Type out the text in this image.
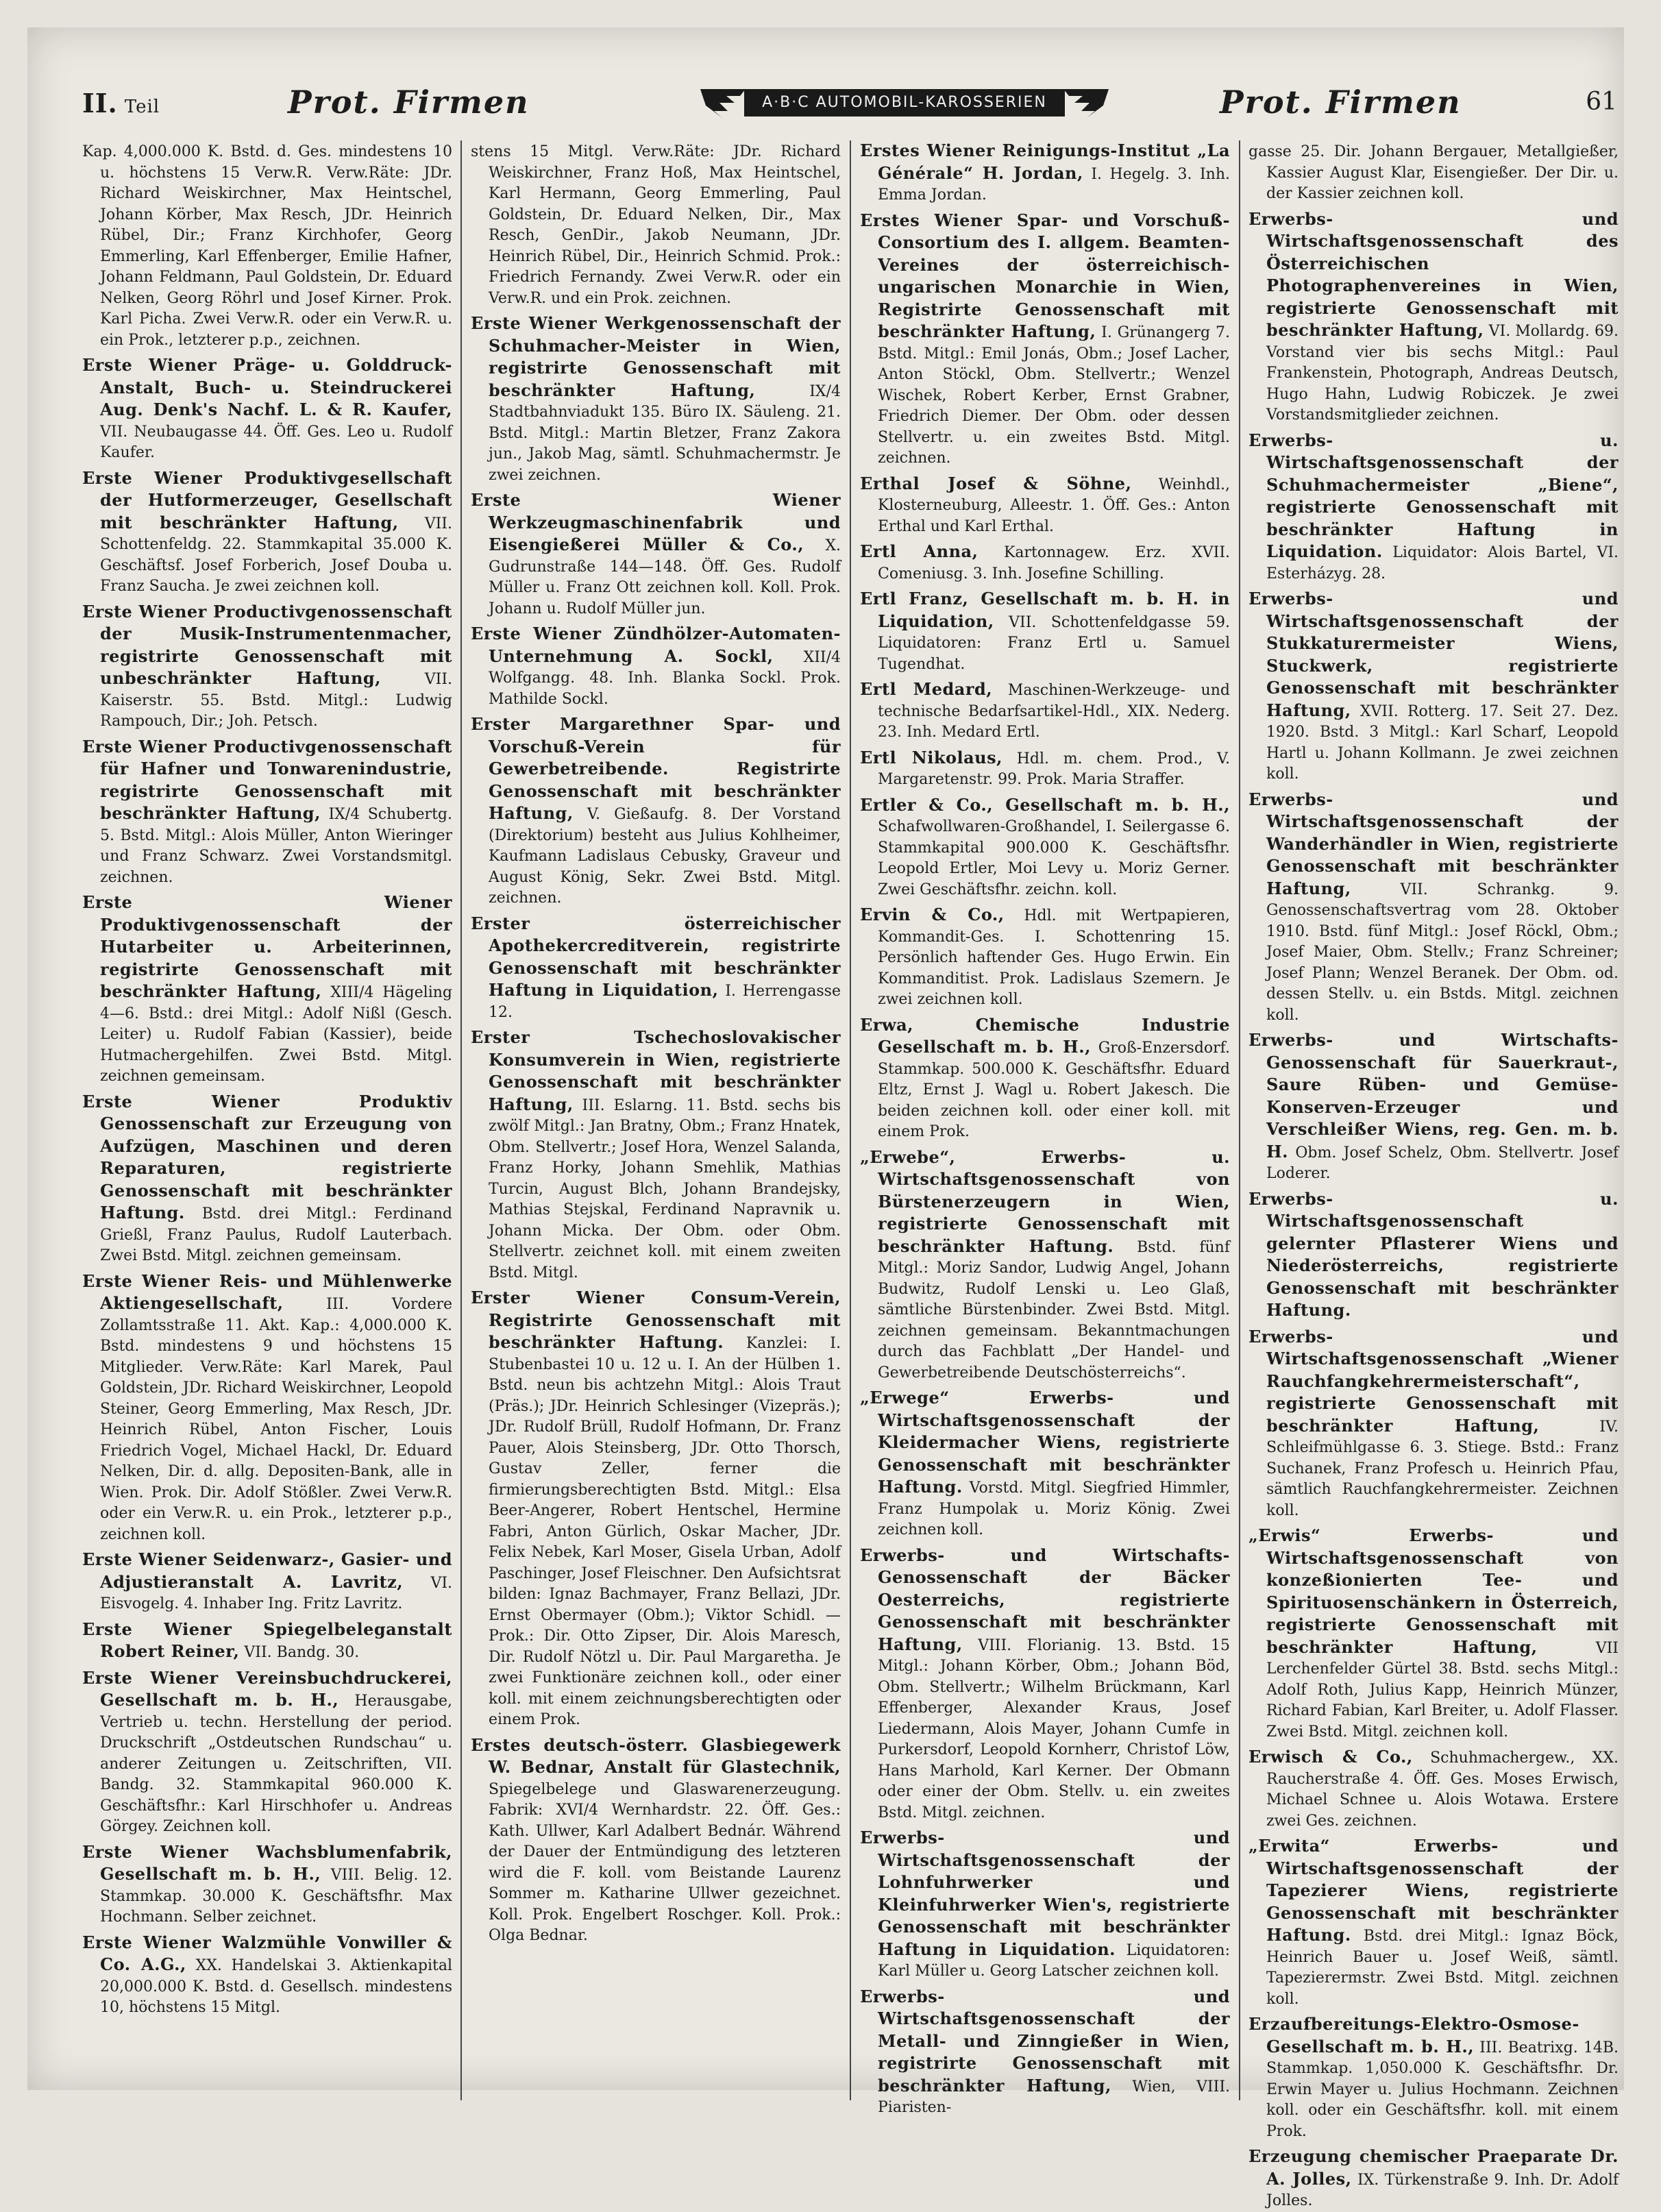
II. Teil	Prot. Firmen	A·B·C AUTOMOBIL-KAROSSERIEN	Prot. Firmen	61

Kap. 4,000.000 K. Bstd. d. Ges. mindestens 10 u. höchstens 15 Verw.R. Verw.Räte: JDr. Richard Weiskirchner, Max Heintschel, Johann Körber, Max Resch, JDr. Heinrich Rübel, Dir.; Franz Kirchhofer, Georg Emmerling, Karl Effenberger, Emilie Hafner, Johann Feldmann, Paul Goldstein, Dr. Eduard Nelken, Georg Röhrl und Josef Kirner. Prok. Karl Picha. Zwei Verw.R. oder ein Verw.R. u. ein Prok., letzterer p.p., zeichnen.

Erste Wiener Präge- u. Golddruck-Anstalt, Buch- u. Steindruckerei Aug. Denk's Nachf. L. & R. Kaufer, VII. Neubaugasse 44. Öff. Ges. Leo u. Rudolf Kaufer.

Erste Wiener Produktivgesellschaft der Hutformerzeuger, Gesellschaft mit beschränkter Haftung, VII. Schottenfeldg. 22. Stammkapital 35.000 K. Geschäftsf. Josef Forberich, Josef Douba u. Franz Saucha. Je zwei zeichnen koll.

Erste Wiener Productivgenossenschaft der Musik-Instrumentenmacher, registrirte Genossenschaft mit unbeschränkter Haftung,	VII. Kaiserstr. 55. Bstd. Mitgl.: Ludwig Rampouch, Dir.; Joh. Petsch.

Erste Wiener Productivgenossenschaft für Hafner und Tonwarenindustrie, registrirte Genossenschaft mit beschränkter Haftung, IX/4 Schubertg. 5. Bstd. Mitgl.: Alois Müller, Anton Wieringer und Franz Schwarz. Zwei Vorstandsmitgl. zeichnen.

Erste Wiener Produktivgenossenschaft der Hutarbeiter u. Arbeiterinnen, registrirte Genossenschaft mit beschränkter Haftung, XIII/4 Hägeling 4—6. Bstd.: drei Mitgl.: Adolf Nißl (Gesch. Leiter) u. Rudolf Fabian (Kassier), beide Hutmachergehilfen. Zwei Bstd. Mitgl. zeichnen gemeinsam.

Erste Wiener Produktiv Genossenschaft zur Erzeugung von Aufzügen, Maschinen und deren Reparaturen, registrierte Genossenschaft mit beschränkter Haftung. Bstd. drei Mitgl.: Ferdinand Grießl, Franz Paulus, Rudolf Lauterbach. Zwei Bstd. Mitgl. zeichnen gemeinsam.

Erste Wiener Reis- und Mühlenwerke Aktiengesellschaft,	III. Vordere Zollamtsstraße 11. Akt. Kap.: 4,000.000 K. Bstd. mindestens 9 und höchstens 15 Mitglieder. Verw.Räte: Karl Marek, Paul Goldstein, JDr. Richard Weiskirchner, Leopold Steiner, Georg Emmerling, Max Resch, JDr. Heinrich Rübel, Anton Fischer, Louis Friedrich Vogel, Michael Hackl, Dr. Eduard Nelken, Dir. d. allg. Depositen-Bank, alle in Wien. Prok. Dir. Adolf Stößler. Zwei Verw.R. oder ein Verw.R. u. ein Prok., letzterer p.p., zeichnen koll.

Erste Wiener Seidenwarz-, Gasier- und Adjustieranstalt A. Lavritz, VI. Eisvogelg. 4. Inhaber Ing. Fritz Lavritz.

Erste Wiener Spiegelbeleganstalt Robert Reiner, VII. Bandg. 30.

Erste Wiener Vereinsbuchdruckerei, Gesellschaft m. b. H., Herausgabe, Vertrieb u. techn. Herstellung der period. Druckschrift „Ostdeutschen Rundschau“ u. anderer Zeitungen u. Zeitschriften, VII. Bandg. 32. Stammkapital 960.000 K. Geschäftsfhr.: Karl Hirschhofer u. Andreas Görgey. Zeichnen koll.

Erste Wiener Wachsblumenfabrik, Gesellschaft m. b. H., VIII. Belig. 12. Stammkap. 30.000 K. Geschäftsfhr. Max Hochmann. Selber zeichnet.

Erste Wiener Walzmühle Vonwiller & Co. A.G., XX. Handelskai 3. Aktienkapital 20,000.000 K. Bstd. d. Gesellsch. mindestens 10, höchstens 15 Mitgl.

stens 15 Mitgl. Verw.Räte: JDr. Richard Weiskirchner, Franz Hoß, Max Heintschel, Karl Hermann, Georg Emmerling, Paul Goldstein, Dr. Eduard Nelken, Dir., Max Resch, GenDir., Jakob Neumann, JDr. Heinrich Rübel, Dir., Heinrich Schmid. Prok.: Friedrich Fernandy. Zwei Verw.R. oder ein Verw.R. und ein Prok. zeichnen.

Erste Wiener Werkgenossenschaft der Schuhmacher-Meister in Wien, registrirte Genossenschaft mit beschränkter Haftung,	IX/4 Stadtbahnviadukt 135. Büro IX. Säuleng. 21. Bstd. Mitgl.: Martin Bletzer, Franz Zakora jun., Jakob Mag, sämtl. Schuhmachermstr. Je zwei zeichnen.

Erste Wiener Werkzeugmaschinenfabrik und Eisengießerei Müller & Co., X. Gudrunstraße 144—148. Öff. Ges. Rudolf Müller u. Franz Ott zeichnen koll. Koll. Prok. Johann u. Rudolf Müller jun.

Erste Wiener Zündhölzer-Automaten-Unternehmung A. Sockl, XII/4 Wolfgangg. 48. Inh. Blanka Sockl. Prok. Mathilde Sockl.

Erster Margarethner Spar- und Vorschuß-Verein für Gewerbetreibende. Registrirte Genossenschaft mit beschränkter Haftung, V. Gießaufg. 8. Der Vorstand (Direktorium) besteht aus Julius Kohlheimer, Kaufmann Ladislaus Cebusky, Graveur und August König, Sekr. Zwei Bstd. Mitgl. zeichnen.

Erster österreichischer Apothekercreditverein, registrirte Genossenschaft mit beschränkter Haftung in Liquidation, I. Herrengasse 12.

Erster Tschechoslovakischer Konsumverein in Wien, registrierte Genossenschaft mit beschränkter Haftung, III. Eslarng. 11. Bstd. sechs bis zwölf Mitgl.: Jan Bratny, Obm.; Franz Hnatek, Obm. Stellvertr.; Josef Hora, Wenzel Salanda, Franz Horky, Johann Smehlik, Mathias Turcin, August Blch, Johann Brandejsky, Mathias Stejskal, Ferdinand Napravnik u. Johann Micka. Der Obm. oder Obm. Stellvertr. zeichnet koll. mit einem zweiten Bstd. Mitgl.

Erster Wiener Consum-Verein, Registrirte Genossenschaft mit beschränkter Haftung. Kanzlei: I. Stubenbastei 10 u. 12 u. I. An der Hülben 1. Bstd. neun bis achtzehn Mitgl.: Alois Traut (Präs.); JDr. Heinrich Schlesinger (Vizepräs.); JDr. Rudolf Brüll, Rudolf Hofmann, Dr. Franz Pauer, Alois Steinsberg, JDr. Otto Thorsch, Gustav Zeller, ferner die firmierungsberechtigten Bstd. Mitgl.: Elsa Beer-Angerer, Robert Hentschel, Hermine Fabri, Anton Gürlich, Oskar Macher, JDr. Felix Nebek, Karl Moser, Gisela Urban, Adolf Paschinger, Josef Fleischner. Den Aufsichtsrat bilden: Ignaz Bachmayer, Franz Bellazi, JDr. Ernst Obermayer (Obm.); Viktor Schidl. — Prok.: Dir. Otto Zipser, Dir. Alois Maresch, Dir. Rudolf Nötzl u. Dir. Paul Margaretha. Je zwei Funktionäre zeichnen koll., oder einer koll. mit einem zeichnungsberechtigten oder einem Prok.

Erstes deutsch-österr. Glasbiegewerk W. Bednar, Anstalt für Glastechnik, Spiegelbelege und Glaswarenerzeugung. Fabrik: XVI/4 Wernhardstr. 22. Öff. Ges.: Kath. Ullwer, Karl Adalbert Bednár. Während der Dauer der Entmündigung des letzteren wird die F. koll. vom Beistande Laurenz Sommer m. Katharine Ullwer gezeichnet. Koll. Prok. Engelbert Roschger. Koll. Prok.: Olga Bednar.

Erstes Wiener Reinigungs-Institut „La Générale“ H. Jordan, I. Hegelg. 3. Inh. Emma Jordan.

Erstes Wiener Spar- und Vorschuß-Consortium des I. allgem. Beamten-Vereines der österreichisch-ungarischen Monarchie in Wien, Registrirte Genossenschaft mit beschränkter Haftung, I. Grünangerg 7. Bstd. Mitgl.: Emil Jonás, Obm.; Josef Lacher, Anton Stöckl, Obm. Stellvertr.; Wenzel Wischek, Robert Kerber, Ernst Grabner, Friedrich Diemer. Der Obm. oder dessen Stellvertr. u. ein zweites Bstd. Mitgl. zeichnen.

Erthal Josef & Söhne, Weinhdl., Klosterneuburg, Alleestr. 1. Öff. Ges.: Anton Erthal und Karl Erthal.

Ertl Anna, Kartonnagew. Erz. XVII. Comeniusg. 3. Inh. Josefine Schilling.

Ertl Franz, Gesellschaft m. b. H. in Liquidation, VII. Schottenfeldgasse 59. Liquidatoren: Franz Ertl u. Samuel Tugendhat.

Ertl Medard, Maschinen-Werkzeuge- und technische Bedarfsartikel-Hdl., XIX. Nederg. 23. Inh. Medard Ertl.

Ertl Nikolaus, Hdl. m. chem. Prod., V. Margaretenstr. 99. Prok. Maria Straffer.

Ertler & Co., Gesellschaft m. b. H., Schafwollwaren-Großhandel, I. Seilergasse 6. Stammkapital 900.000 K. Geschäftsfhr. Leopold Ertler, Moi Levy u. Moriz Gerner. Zwei Geschäftsfhr. zeichn. koll.

Ervin & Co., Hdl. mit Wertpapieren, Kommandit-Ges. I. Schottenring 15. Persönlich haftender Ges. Hugo Erwin. Ein Kommanditist. Prok. Ladislaus Szemern. Je zwei zeichnen koll.

Erwa, Chemische Industrie Gesellschaft m. b. H., Groß-Enzersdorf. Stammkap. 500.000 K. Geschäftsfhr. Eduard Eltz, Ernst J. Wagl u. Robert Jakesch. Die beiden zeichnen koll. oder einer koll. mit einem Prok.

„Erwebe“, Erwerbs- u. Wirtschaftsgenossenschaft von Bürstenerzeugern in Wien, registrierte Genossenschaft mit beschränkter Haftung. Bstd. fünf Mitgl.: Moriz Sandor, Ludwig Angel, Johann Budwitz, Rudolf Lenski u. Leo Glaß, sämtliche Bürstenbinder. Zwei Bstd. Mitgl. zeichnen gemeinsam. Bekanntmachungen durch das Fachblatt „Der Handel- und Gewerbetreibende Deutschösterreichs“.

„Erwege“ Erwerbs- und Wirtschaftsgenossenschaft der Kleidermacher Wiens, registrierte Genossenschaft mit beschränkter Haftung. Vorstd. Mitgl. Siegfried Himmler, Franz Humpolak u. Moriz König. Zwei zeichnen koll.

Erwerbs- und Wirtschafts-Genossenschaft der Bäcker Oesterreichs, registrierte Genossenschaft mit beschränkter Haftung, VIII. Florianig. 13. Bstd. 15 Mitgl.: Johann Körber, Obm.; Johann Böd, Obm. Stellvertr.; Wilhelm Brückmann, Karl Effenberger, Alexander Kraus, Josef Liedermann, Alois Mayer, Johann Cumfe in Purkersdorf, Leopold Kornherr, Christof Löw, Hans Marhold, Karl Kerner. Der Obmann oder einer der Obm. Stellv. u. ein zweites Bstd. Mitgl. zeichnen.

Erwerbs- und Wirtschaftsgenossenschaft der Lohnfuhrwerker und Kleinfuhrwerker Wien's, registrierte Genossenschaft mit beschränkter Haftung in Liquidation. Liquidatoren: Karl Müller u. Georg Latscher zeichnen koll.

Erwerbs- und Wirtschaftsgenossenschaft der Metall- und Zinngießer in Wien, registrirte Genossenschaft mit beschränkter Haftung, Wien, VIII. Piaristen-

gasse 25. Dir. Johann Bergauer, Metallgießer, Kassier August Klar, Eisengießer. Der Dir. u. der Kassier zeichnen koll.

Erwerbs- und Wirtschaftsgenossenschaft des Österreichischen Photographenvereines in Wien, registrierte Genossenschaft mit beschränkter Haftung, VI. Mollardg. 69. Vorstand vier bis sechs Mitgl.: Paul Frankenstein, Photograph, Andreas Deutsch, Hugo Hahn, Ludwig Robiczek. Je zwei Vorstandsmitglieder zeichnen.

Erwerbs- u. Wirtschaftsgenossenschaft der Schuhmachermeister „Biene“, registrierte Genossenschaft mit beschränkter Haftung in Liquidation. Liquidator: Alois Bartel, VI. Esterházyg. 28.

Erwerbs- und Wirtschaftsgenossenschaft der Stukkaturermeister Wiens, Stuckwerk, registrierte Genossenschaft mit beschränkter Haftung, XVII. Rotterg. 17. Seit 27. Dez. 1920. Bstd. 3 Mitgl.: Karl Scharf, Leopold Hartl u. Johann Kollmann. Je zwei zeichnen koll.

Erwerbs- und Wirtschaftsgenossenschaft der Wanderhändler in Wien, registrierte Genossenschaft mit beschränkter Haftung,	VII. Schrankg. 9. Genossenschaftsvertrag vom 28. Oktober 1910. Bstd. fünf Mitgl.: Josef Röckl, Obm.; Josef Maier, Obm. Stellv.; Franz Schreiner; Josef Plann; Wenzel Beranek. Der Obm. od. dessen Stellv. u. ein Bstds. Mitgl. zeichnen koll.

Erwerbs- und Wirtschafts-Genossenschaft für Sauerkraut-, Saure Rüben- und Gemüse-Konserven-Erzeuger und Verschleißer Wiens, reg. Gen. m. b. H. Obm. Josef Schelz, Obm. Stellvertr. Josef Loderer.

Erwerbs- u. Wirtschaftsgenossenschaft gelernter Pflasterer Wiens und Niederösterreichs, registrierte Genossenschaft mit beschränkter Haftung.

Erwerbs- und Wirtschaftsgenossenschaft „Wiener Rauchfangkehrermeisterschaft“, registrierte Genossenschaft mit beschränkter Haftung,	IV. Schleifmühlgasse 6. 3. Stiege. Bstd.: Franz Suchanek, Franz Profesch u. Heinrich Pfau, sämtlich Rauchfangkehrermeister. Zeichnen koll.

„Erwis“ Erwerbs- und Wirtschaftsgenossenschaft von konzeßionierten Tee- und Spirituosenschänkern in Österreich, registrierte Genossenschaft mit beschränkter Haftung,	VII Lerchenfelder Gürtel 38. Bstd. sechs Mitgl.: Adolf Roth, Julius Kapp, Heinrich Münzer, Richard Fabian, Karl Breiter, u. Adolf Flasser. Zwei Bstd. Mitgl. zeichnen koll.

Erwisch & Co., Schuhmachergew., XX. Raucherstraße 4. Öff. Ges. Moses Erwisch, Michael Schnee u. Alois Wotawa. Erstere zwei Ges. zeichnen.

„Erwita“ Erwerbs- und Wirtschaftsgenossenschaft der Tapezierer Wiens, registrierte Genossenschaft mit beschränkter Haftung. Bstd. drei Mitgl.: Ignaz Böck, Heinrich Bauer u. Josef Weiß, sämtl. Tapezierermstr. Zwei Bstd. Mitgl. zeichnen koll.

Erzaufbereitungs-Elektro-Osmose-Gesellschaft m. b. H., III. Beatrixg. 14B. Stammkap. 1,050.000 K. Geschäftsfhr. Dr. Erwin Mayer u. Julius Hochmann. Zeichnen koll. oder ein Geschäftsfhr. koll. mit einem Prok.

Erzeugung chemischer Praeparate Dr. A. Jolles, IX. Türkenstraße 9. Inh. Dr. Adolf Jolles.
